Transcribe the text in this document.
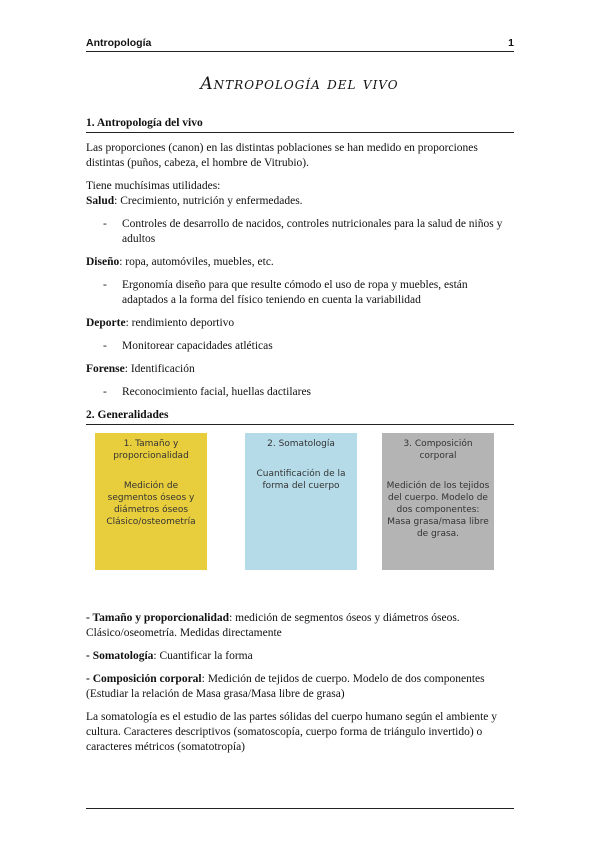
Antropología	1
Antropología del vivo
1. Antropología del vivo

Las proporciones (canon) en las distintas poblaciones se han medido en proporciones distintas (puños, cabeza, el hombre de Vitrubio).

Tiene muchísimas utilidades:

Salud: Crecimiento, nutrición y enfermedades.

- Controles de desarrollo de nacidos, controles nutricionales para la salud de niños y adultos

Diseño: ropa, automóviles, muebles, etc.

- Ergonomía diseño para que resulte cómodo el uso de ropa y muebles, están adaptados a la forma del físico teniendo en cuenta la variabilidad

Deporte: rendimiento deportivo

- Monitorear capacidades atléticas

Forense: Identificación

- Reconocimiento facial, huellas dactilares
2. Generalidades
1. Tamaño y proporcionalidad
Medición de segmentos óseos y diámetros óseos Clásico/osteometría
2. Somatología
Cuantificación de la forma del cuerpo
3. Composición corporal
Medición de los tejidos del cuerpo. Modelo de dos componentes: Masa grasa/masa libre de grasa.

- Tamaño y proporcionalidad: medición de segmentos óseos y diámetros óseos. Clásico/oseometría. Medidas directamente

- Somatología: Cuantificar la forma

- Composición corporal: Medición de tejidos de cuerpo. Modelo de dos componentes (Estudiar la relación de Masa grasa/Masa libre de grasa)

La somatología es el estudio de las partes sólidas del cuerpo humano según el ambiente y cultura. Caracteres descriptivos (somatoscopía, cuerpo forma de triángulo invertido) o caracteres métricos (somatotropía)
